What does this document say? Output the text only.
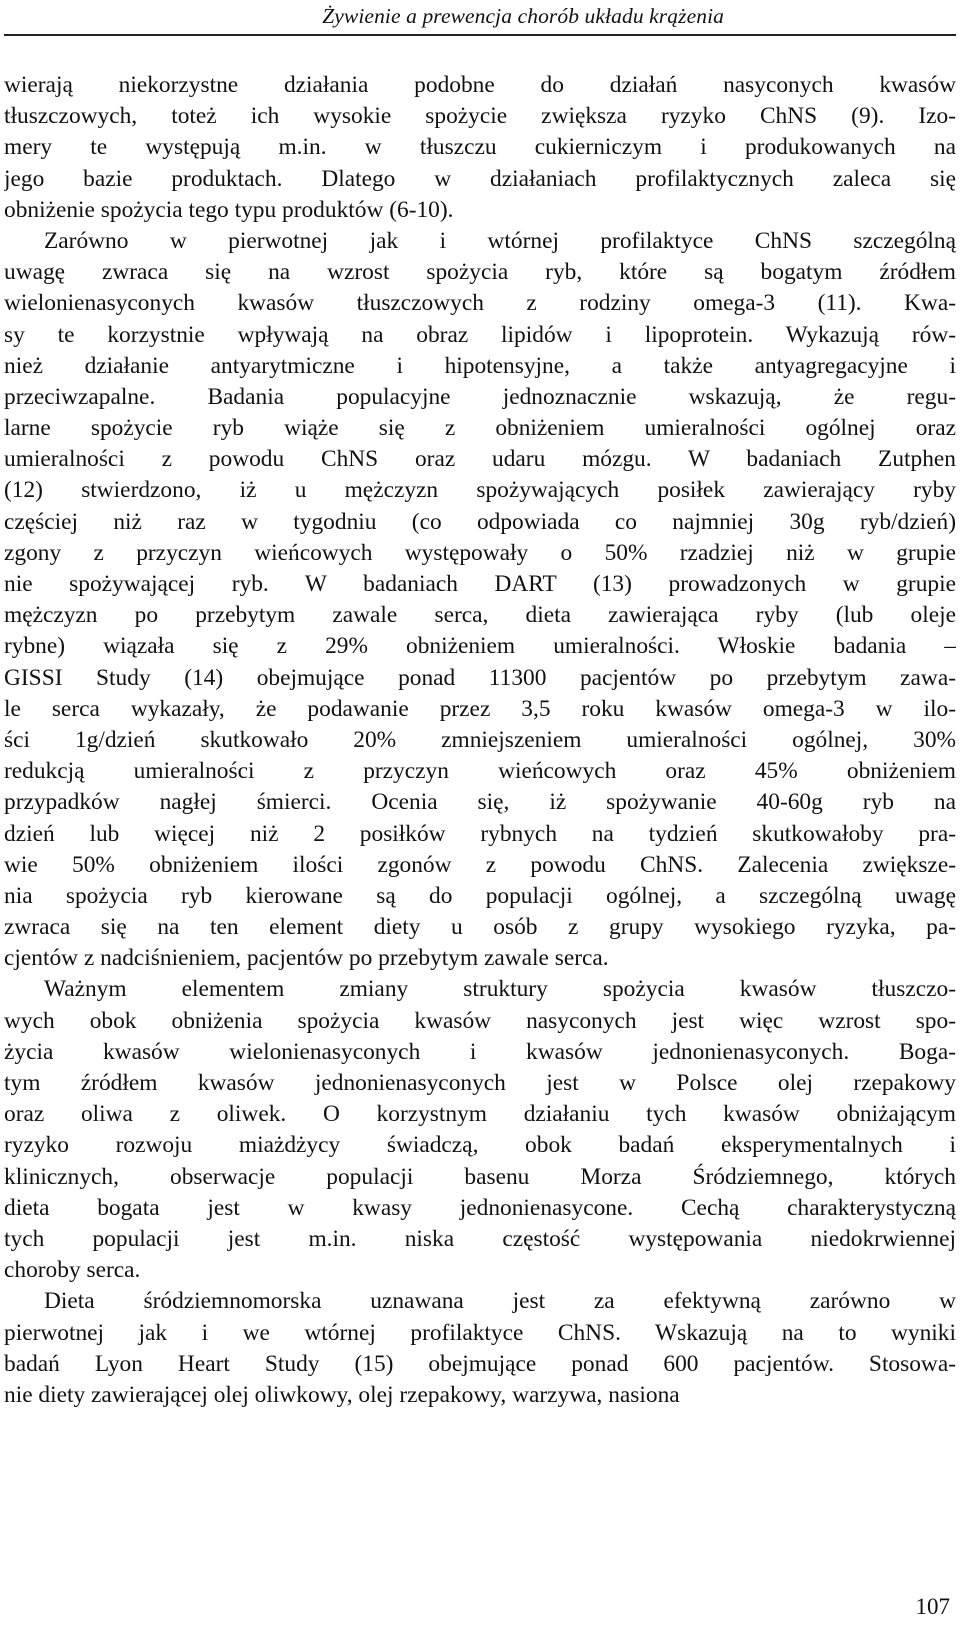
Żywienie a prewencja chorób układu krążenia
wierają niekorzystne działania podobne do działań nasyconych kwasów
tłuszczowych, toteż ich wysokie spożycie zwiększa ryzyko ChNS (9). Izo-
mery te występują m.in. w tłuszczu cukierniczym i produkowanych na
jego bazie produktach. Dlatego w działaniach profilaktycznych zaleca się
obniżenie spożycia tego typu produktów (6-10).
Zarówno w pierwotnej jak i wtórnej profilaktyce ChNS szczególną
uwagę zwraca się na wzrost spożycia ryb, które są bogatym źródłem
wielonienasyconych kwasów tłuszczowych z rodziny omega-3 (11). Kwa-
sy te korzystnie wpływają na obraz lipidów i lipoprotein. Wykazują rów-
nież działanie antyarytmiczne i hipotensyjne, a także antyagregacyjne i
przeciwzapalne. Badania populacyjne jednoznacznie wskazują, że regu-
larne spożycie ryb wiąże się z obniżeniem umieralności ogólnej oraz
umieralności z powodu ChNS oraz udaru mózgu. W badaniach Zutphen
(12) stwierdzono, iż u mężczyzn spożywających posiłek zawierający ryby
częściej niż raz w tygodniu (co odpowiada co najmniej 30g ryb/dzień)
zgony z przyczyn wieńcowych występowały o 50% rzadziej niż w grupie
nie spożywającej ryb. W badaniach DART (13) prowadzonych w grupie
mężczyzn po przebytym zawale serca, dieta zawierająca ryby (lub oleje
rybne) wiązała się z 29% obniżeniem umieralności. Włoskie badania –
GISSI Study (14) obejmujące ponad 11300 pacjentów po przebytym zawa-
le serca wykazały, że podawanie przez 3,5 roku kwasów omega-3 w ilo-
ści 1g/dzień skutkowało 20% zmniejszeniem umieralności ogólnej, 30%
redukcją umieralności z przyczyn wieńcowych oraz 45% obniżeniem
przypadków nagłej śmierci. Ocenia się, iż spożywanie 40-60g ryb na
dzień lub więcej niż 2 posiłków rybnych na tydzień skutkowałoby pra-
wie 50% obniżeniem ilości zgonów z powodu ChNS. Zalecenia zwiększe-
nia spożycia ryb kierowane są do populacji ogólnej, a szczególną uwagę
zwraca się na ten element diety u osób z grupy wysokiego ryzyka, pa-
cjentów z nadciśnieniem, pacjentów po przebytym zawale serca.
Ważnym elementem zmiany struktury spożycia kwasów tłuszczo-
wych obok obniżenia spożycia kwasów nasyconych jest więc wzrost spo-
życia kwasów wielonienasyconych i kwasów jednonienasyconych. Boga-
tym źródłem kwasów jednonienasyconych jest w Polsce olej rzepakowy
oraz oliwa z oliwek. O korzystnym działaniu tych kwasów obniżającym
ryzyko rozwoju miażdżycy świadczą, obok badań eksperymentalnych i
klinicznych, obserwacje populacji basenu Morza Śródziemnego, których
dieta bogata jest w kwasy jednonienasycone. Cechą charakterystyczną
tych populacji jest m.in. niska częstość występowania niedokrwiennej
choroby serca.
Dieta śródziemnomorska uznawana jest za efektywną zarówno w
pierwotnej jak i we wtórnej profilaktyce ChNS. Wskazują na to wyniki
badań Lyon Heart Study (15) obejmujące ponad 600 pacjentów. Stosowa-
nie diety zawierającej olej oliwkowy, olej rzepakowy, warzywa, nasiona
107
